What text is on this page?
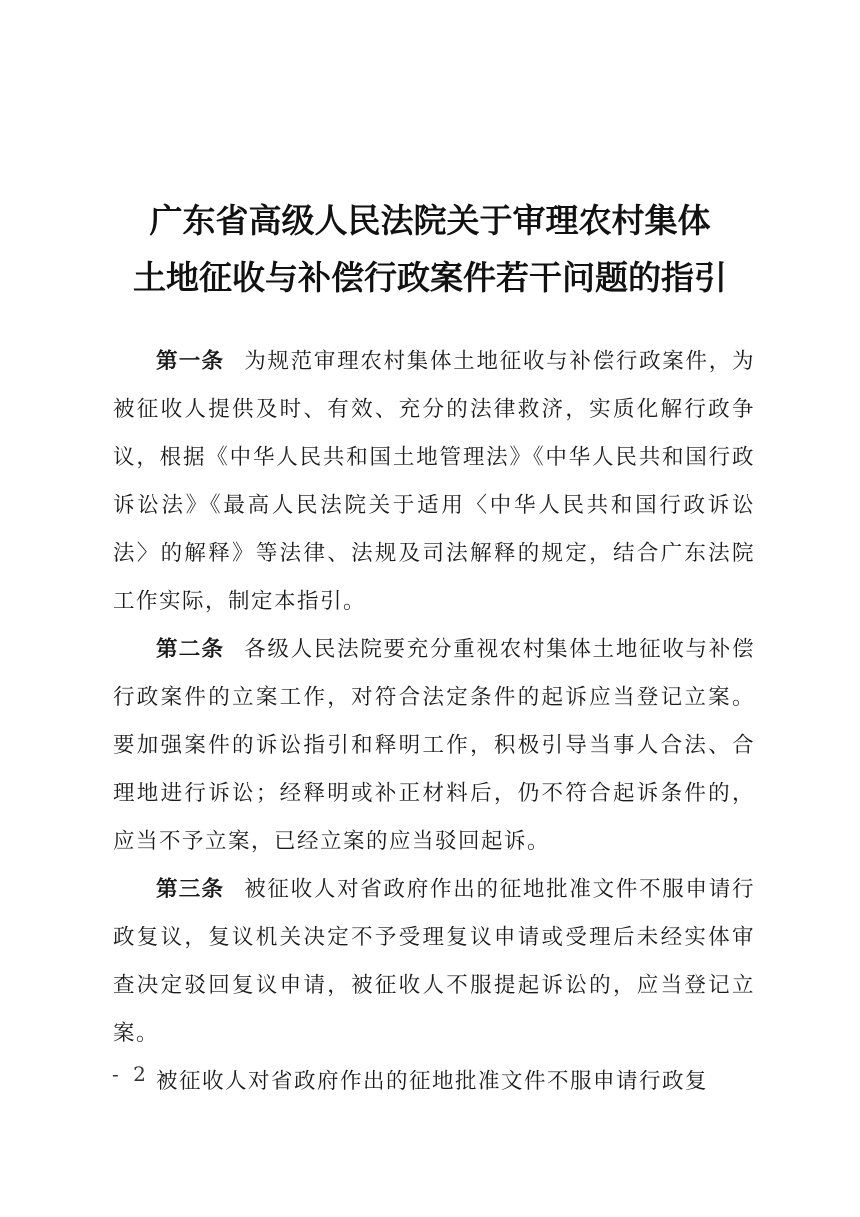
广东省高级人民法院关于审理农村集体
土地征收与补偿行政案件若干问题的指引

第一条 为规范审理农村集体土地征收与补偿行政案件，为被征收人提供及时、有效、充分的法律救济，实质化解行政争议，根据《中华人民共和国土地管理法》《中华人民共和国行政诉讼法》《最高人民法院关于适用〈中华人民共和国行政诉讼法〉的解释》等法律、法规及司法解释的规定，结合广东法院工作实际，制定本指引。

第二条 各级人民法院要充分重视农村集体土地征收与补偿行政案件的立案工作，对符合法定条件的起诉应当登记立案。要加强案件的诉讼指引和释明工作，积极引导当事人合法、合理地进行诉讼；经释明或补正材料后，仍不符合起诉条件的，应当不予立案，已经立案的应当驳回起诉。

第三条 被征收人对省政府作出的征地批准文件不服申请行政复议，复议机关决定不予受理复议申请或受理后未经实体审查决定驳回复议申请，被征收人不服提起诉讼的，应当登记立案。

被征收人对省政府作出的征地批准文件不服申请行政复

- 2 -
